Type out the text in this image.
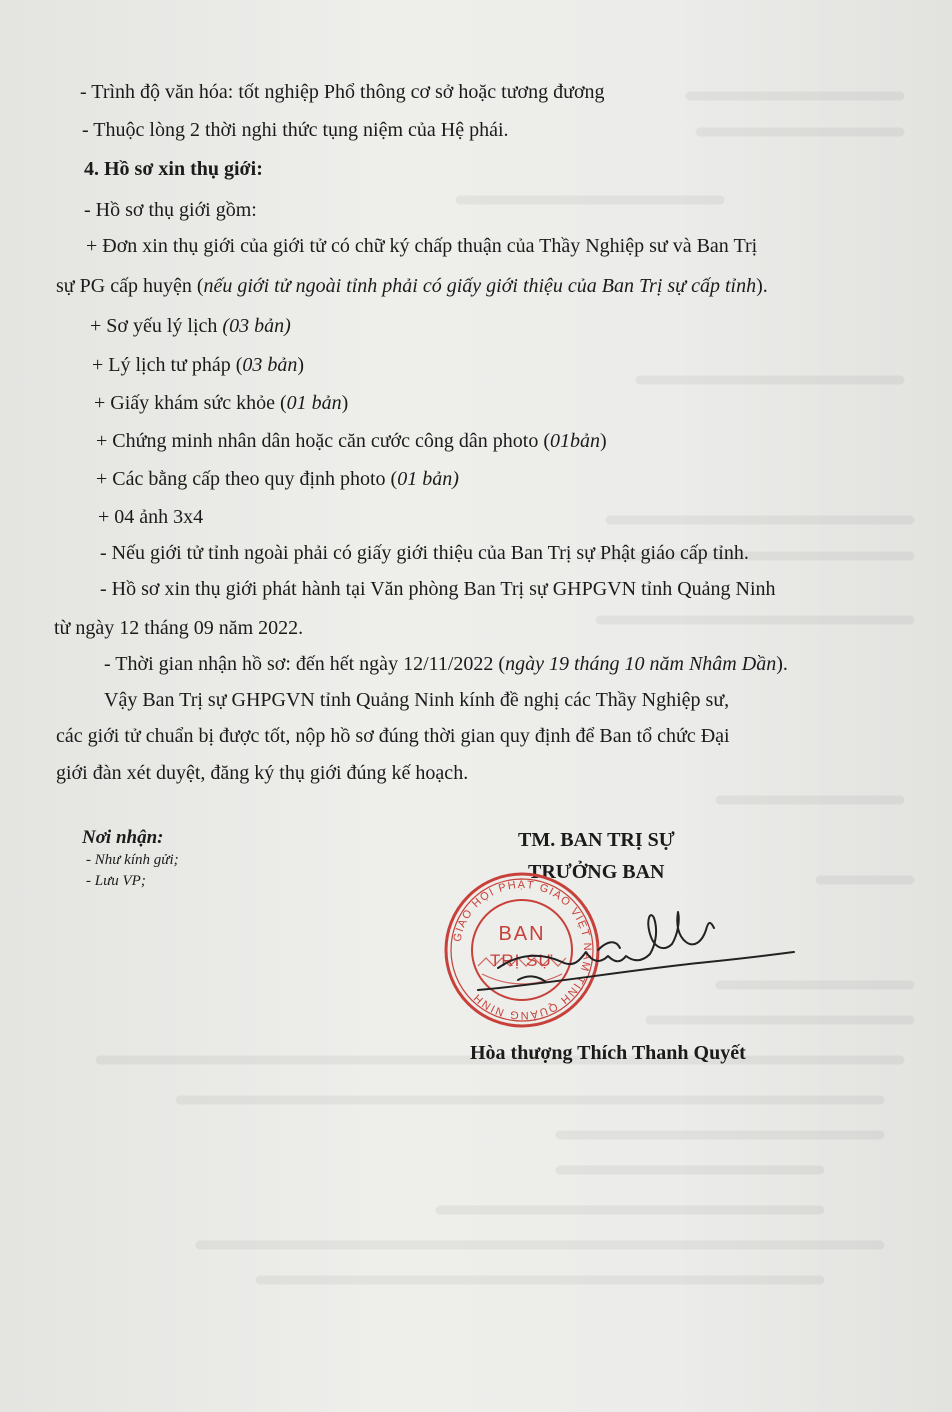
- Trình độ văn hóa: tốt nghiệp Phổ thông cơ sở hoặc tương đương
- Thuộc lòng 2 thời nghi thức tụng niệm của Hệ phái.
4. Hồ sơ xin thụ giới:
- Hồ sơ thụ giới gồm:
+ Đơn xin thụ giới của giới tử có chữ ký chấp thuận của Thầy Nghiệp sư và Ban Trị
sự PG cấp huyện (nếu giới tử ngoài tỉnh phải có giấy giới thiệu của Ban Trị sự cấp tỉnh).
+ Sơ yếu lý lịch (03 bản)
+ Lý lịch tư pháp (03 bản)
+ Giấy khám sức khỏe (01 bản)
+ Chứng minh nhân dân hoặc căn cước công dân photo (01bản)
+ Các bằng cấp theo quy định photo (01 bản)
+ 04 ảnh 3x4
- Nếu giới tử tỉnh ngoài phải có giấy giới thiệu của Ban Trị sự Phật giáo cấp tỉnh.
- Hồ sơ xin thụ giới phát hành tại Văn phòng Ban Trị sự GHPGVN tỉnh Quảng Ninh
từ ngày 12 tháng 09 năm 2022.
- Thời gian nhận hồ sơ: đến hết ngày 12/11/2022 (ngày 19 tháng 10 năm Nhâm Dần).
Vậy Ban Trị sự GHPGVN tỉnh Quảng Ninh kính đề nghị các Thầy Nghiệp sư,
các giới tử chuẩn bị được tốt, nộp hồ sơ đúng thời gian quy định để Ban tổ chức Đại
giới đàn xét duyệt, đăng ký thụ giới đúng kế hoạch.
Nơi nhận:
- Như kính gửi;
- Lưu VP;
TM. BAN TRỊ SỰ
TRƯỞNG BAN
GIÁO HỘI PHẬT GIÁO VIỆT NAM TỈNH QUẢNG NINH
BAN
TRỊ SỰ
Hòa thượng Thích Thanh Quyết
